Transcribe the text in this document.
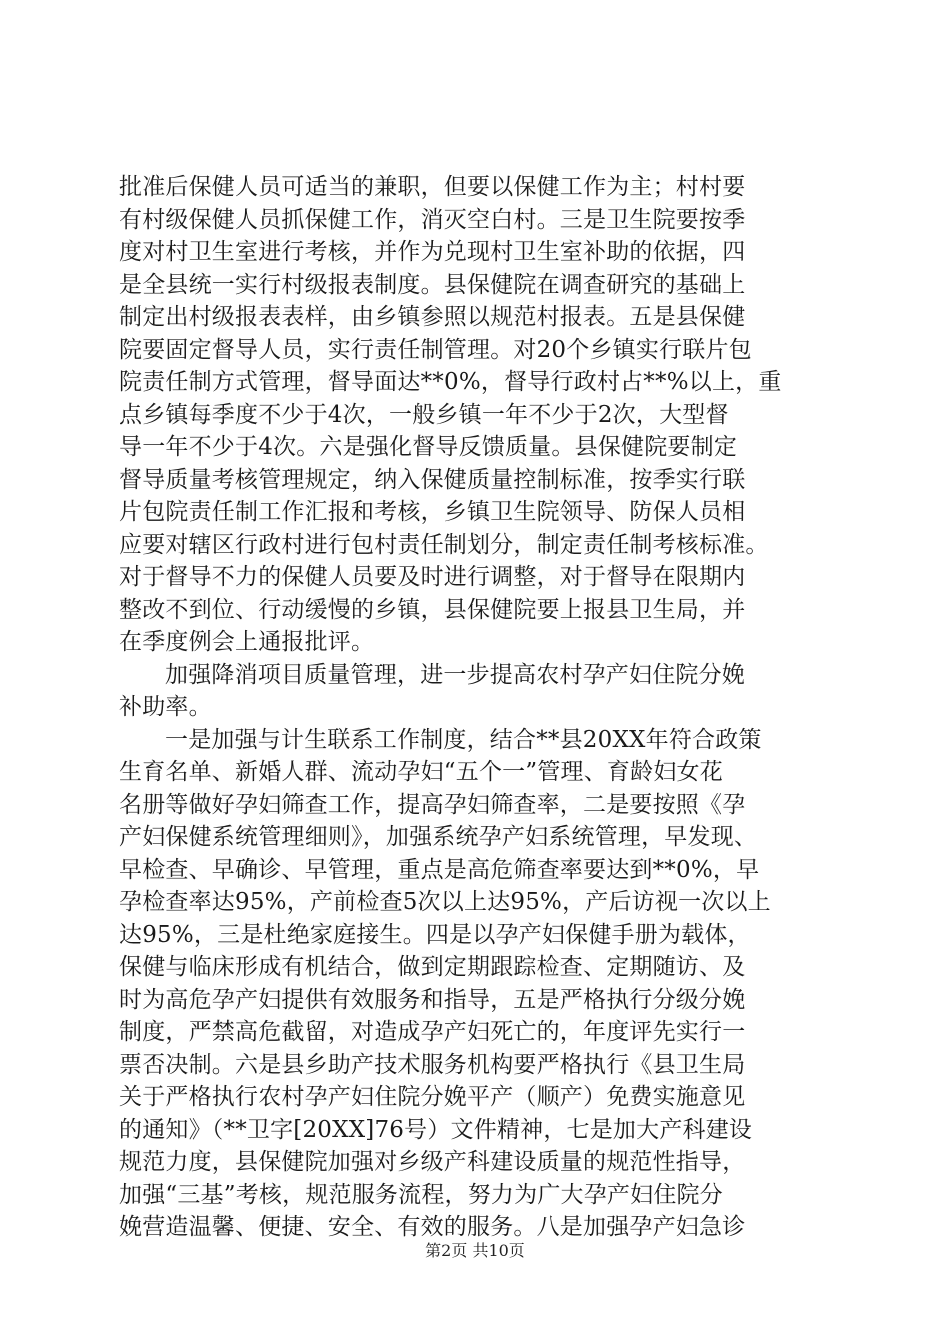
批准后保健人员可适当的兼职，但要以保健工作为主；村村要
有村级保健人员抓保健工作，消灭空白村。三是卫生院要按季
度对村卫生室进行考核，并作为兑现村卫生室补助的依据，四
是全县统一实行村级报表制度。县保健院在调查研究的基础上
制定出村级报表表样，由乡镇参照以规范村报表。五是县保健
院要固定督导人员，实行责任制管理。对20个乡镇实行联片包
院责任制方式管理，督导面达**0%，督导行政村占**%以上，重
点乡镇每季度不少于4次，一般乡镇一年不少于2次，大型督
导一年不少于4次。六是强化督导反馈质量。县保健院要制定
督导质量考核管理规定，纳入保健质量控制标准，按季实行联
片包院责任制工作汇报和考核，乡镇卫生院领导、防保人员相
应要对辖区行政村进行包村责任制划分，制定责任制考核标准。
对于督导不力的保健人员要及时进行调整，对于督导在限期内
整改不到位、行动缓慢的乡镇，县保健院要上报县卫生局，并
在季度例会上通报批评。
加强降消项目质量管理，进一步提高农村孕产妇住院分娩
补助率。
一是加强与计生联系工作制度，结合**县20XX年符合政策
生育名单、新婚人群、流动孕妇“五个一”管理、育龄妇女花
名册等做好孕妇筛查工作，提高孕妇筛查率，二是要按照《孕
产妇保健系统管理细则》，加强系统孕产妇系统管理，早发现、
早检查、早确诊、早管理，重点是高危筛查率要达到**0%，早
孕检查率达95%，产前检查5次以上达95%，产后访视一次以上
达95%，三是杜绝家庭接生。四是以孕产妇保健手册为载体，
保健与临床形成有机结合，做到定期跟踪检查、定期随访、及
时为高危孕产妇提供有效服务和指导，五是严格执行分级分娩
制度，严禁高危截留，对造成孕产妇死亡的，年度评先实行一
票否决制。六是县乡助产技术服务机构要严格执行《县卫生局
关于严格执行农村孕产妇住院分娩平产（顺产）免费实施意见
的通知》（**卫字[20XX]76号）文件精神，七是加大产科建设
规范力度，县保健院加强对乡级产科建设质量的规范性指导，
加强“三基”考核，规范服务流程，努力为广大孕产妇住院分
娩营造温馨、便捷、安全、有效的服务。八是加强孕产妇急诊
第2页 共10页
